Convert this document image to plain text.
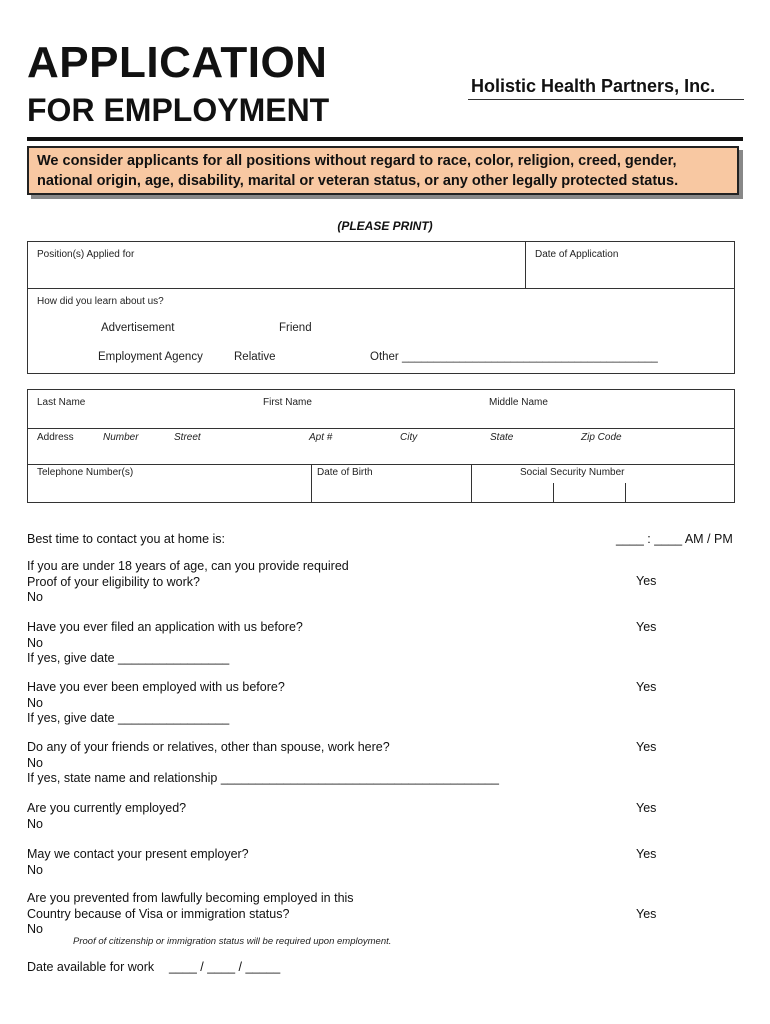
APPLICATION
FOR EMPLOYMENT
Holistic Health Partners, Inc.
We consider applicants for all positions without regard to race, color, religion, creed, gender, national origin, age, disability, marital or veteran status, or any other legally protected status.
(PLEASE PRINT)
Position(s) Applied for	Date of Application
How did you learn about us?
Advertisement	Friend
Employment Agency	Relative	Other ________________________________________
Last Name	First Name	Middle Name
Address	Number	Street	Apt #	City	State	Zip Code
Telephone Number(s)	Date of Birth	Social Security Number
Best time to contact you at home is:	____ : ____ AM / PM
If you are under 18 years of age, can you provide required
Proof of your eligibility to work?
No
Yes
Have you ever filed an application with us before?
No
If yes, give date ________________
Yes
Have you ever been employed with us before?
No
If yes, give date ________________
Yes
Do any of your friends or relatives, other than spouse, work here?
No
If yes, state name and relationship ________________________________________
Yes
Are you currently employed?
No
Yes
May we contact your present employer?
No
Yes
Are you prevented from lawfully becoming employed in this
Country because of Visa or immigration status?
No
Yes
Proof of citizenship or immigration status will be required upon employment.
Date available for work ____ / ____ / _____
